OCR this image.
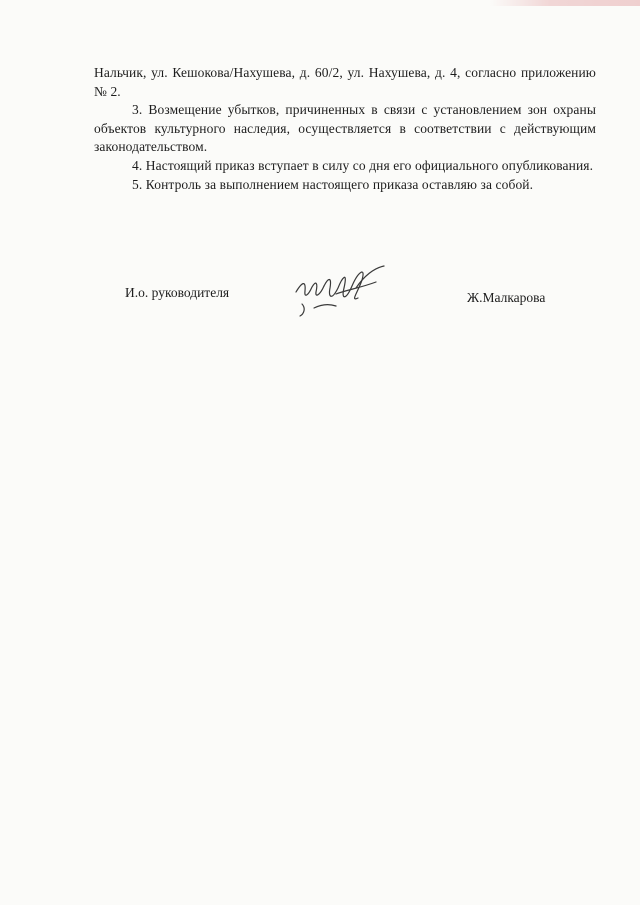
Нальчик, ул. Кешокова/Нахушева, д. 60/2, ул. Нахушева, д. 4, согласно приложению № 2.

3. Возмещение убытков, причиненных в связи с установлением зон охраны объектов культурного наследия, осуществляется в соответствии с действующим законодательством.

4. Настоящий приказ вступает в силу со дня его официального опубликования.

5. Контроль за выполнением настоящего приказа оставляю за собой.

И.о. руководителя	Ж.Малкарова
